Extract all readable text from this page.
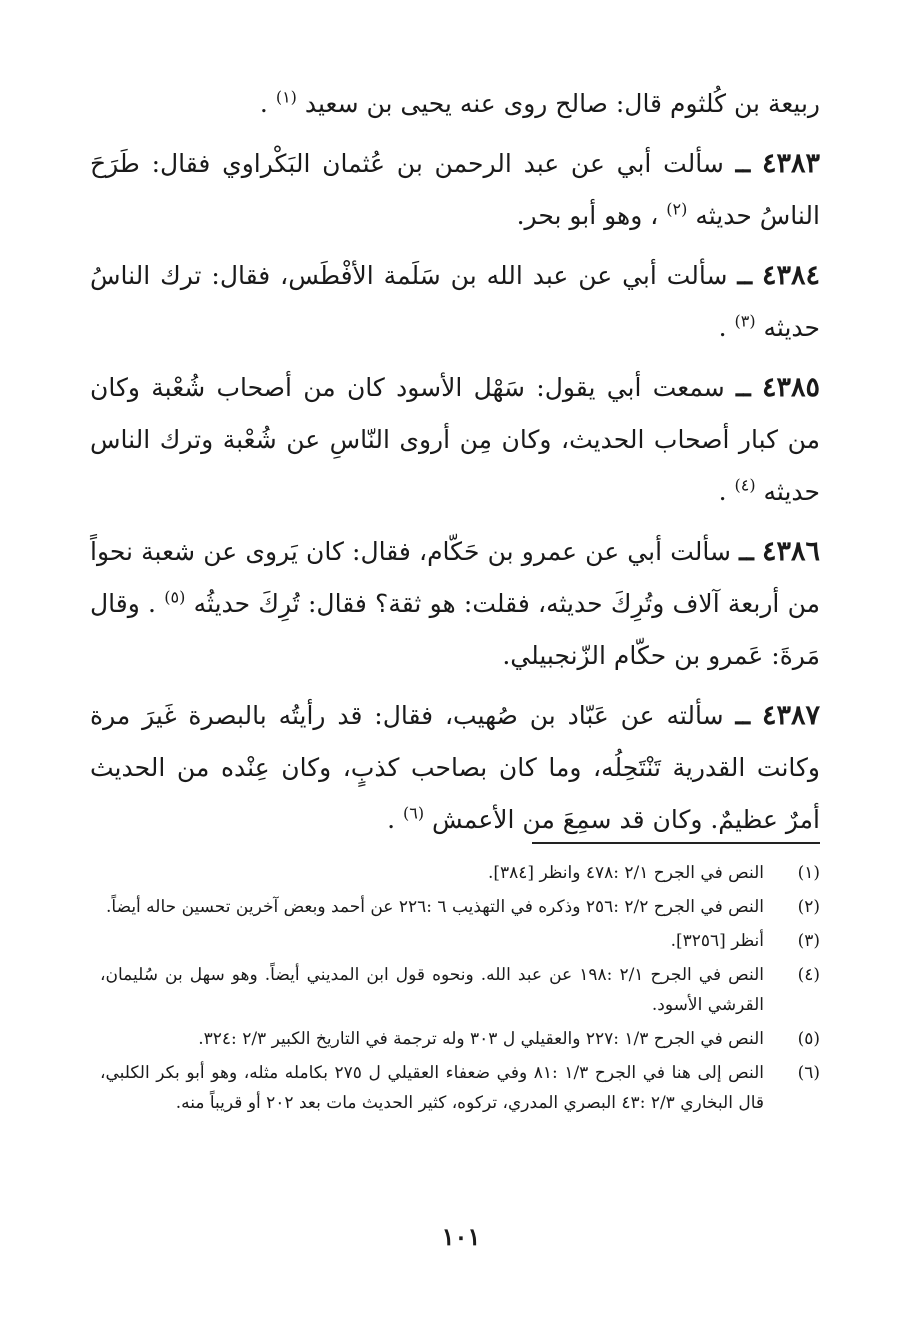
ربيعة بن كُلثوم قال: صالح روى عنه يحيى بن سعيد $^{(١)}$ .

٤٣٨٣ ــ سألت أبي عن عبد الرحمن بن عُثمان البَكْراوي فقال: طَرَحَ الناسُ حديثه $^{(٢)}$ ، وهو أبو بحر.

٤٣٨٤ ــ سألت أبي عن عبد الله بن سَلَمة الأفْطَس، فقال: ترك الناسُ حديثه $^{(٣)}$ .

٤٣٨٥ ــ سمعت أبي يقول: سَهْل الأسود كان من أصحاب شُعْبة وكان من كبار أصحاب الحديث، وكان مِن أروى النّاسِ عن شُعْبة وترك الناس حديثه $^{(٤)}$ .

٤٣٨٦ ــ سألت أبي عن عمرو بن حَكّام، فقال: كان يَروى عن شعبة نحواً من أربعة آلاف وتُرِكَ حديثه، فقلت: هو ثقة؟ فقال: تُرِكَ حديثُه $^{(٥)}$ . وقال مَرةَ: عَمرو بن حكّام الزّنجبيلي.

٤٣٨٧ ــ سألته عن عَبّاد بن صُهيب، فقال: قد رأيتُه بالبصرة غَيرَ مرة وكانت القدرية تَنْتَحِلُه، وما كان بصاحب كذبٍ، وكان عِنْده من الحديث أمرٌ عظيمٌ. وكان قد سمِعَ من الأعمش $^{(٦)}$ .

(١)
النص في الجرح ٢/١ :٤٧٨ وانظر [٣٨٤].
(٢)
النص في الجرح ٢/٢ :٢٥٦ وذكره في التهذيب ٦ :٢٢٦ عن أحمد وبعض آخرين تحسين حاله أيضاً.
(٣)
أنظر [٣٢٥٦].
(٤)
النص في الجرح ٢/١ :١٩٨ عن عبد الله. ونحوه قول ابن المديني أيضاً. وهو سهل بن سُليمان، القرشي الأسود.
(٥)
النص في الجرح ١/٣ :٢٢٧ والعقيلي ل ٣٠٣ وله ترجمة في التاريخ الكبير ٢/٣ :٣٢٤.
(٦)
النص إلى هنا في الجرح ١/٣ :٨١ وفي ضعفاء العقيلي ل ٢٧٥ بكامله مثله، وهو أبو بكر الكلبي، قال البخاري ٢/٣ :٤٣ البصري المدري، تركوه، كثير الحديث مات بعد ٢٠٢ أو قريباً منه.
١٠١
